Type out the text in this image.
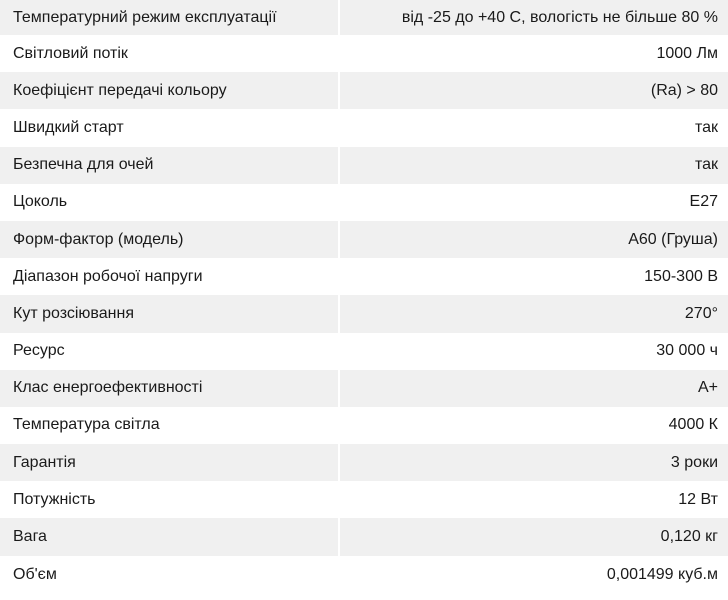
Температурний режим експлуатації		від -25 до +40 С, вологість не більше 80 %
Світловий потік		1000 Лм
Коефіцієнт передачі кольору		(Ra) > 80
Швидкий старт		так
Безпечна для очей		так
Цоколь		E27
Форм-фактор (модель)		А60 (Груша)
Діапазон робочої напруги		150-300 В
Кут розсіювання		270°
Ресурс		30 000 ч
Клас енергоефективності		A+
Температура світла		4000 К
Гарантія		3 роки
Потужність		12 Вт
Вага		0,120 кг
Об'єм		0,001499 куб.м
